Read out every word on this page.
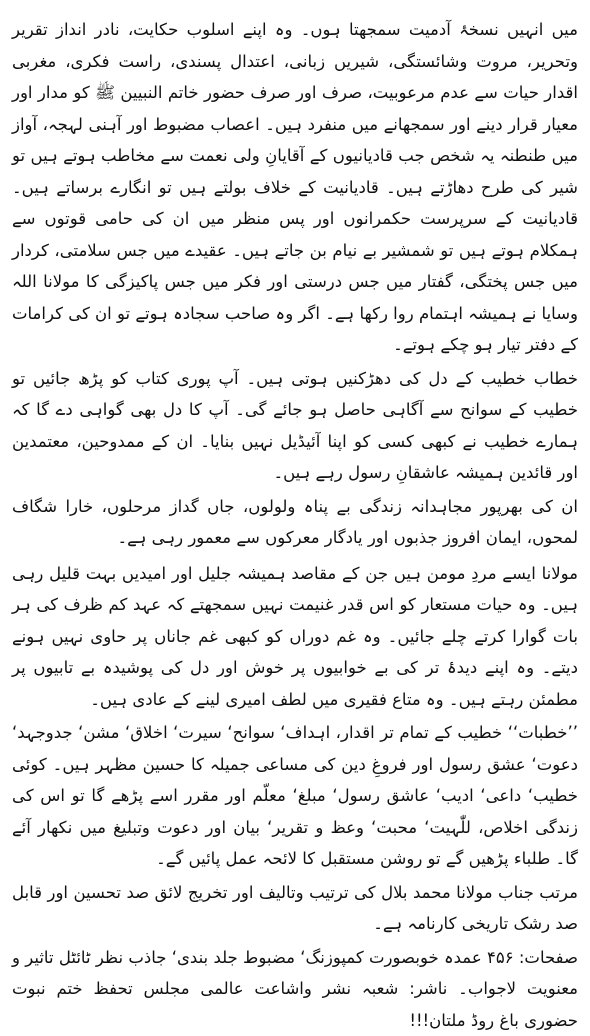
میں انہیں نسخۂ آدمیت سمجھتا ہوں۔ وہ اپنے اسلوب حکایت، نادر انداز تقریر وتحریر، مروت وشائستگی، شیریں زبانی، اعتدال پسندی، راست فکری، مغربی اقدار حیات سے عدم مرعوبیت، صرف اور صرف حضور خاتم النبیین ﷺ کو مدار اور معیار قرار دینے اور سمجھانے میں منفرد ہیں۔ اعصاب مضبوط اور آہنی لہجہ، آواز میں طنطنہ یہ شخص جب قادیانیوں کے آقایانِ ولی نعمت سے مخاطب ہوتے ہیں تو شیر کی طرح دھاڑتے ہیں۔ قادیانیت کے خلاف بولتے ہیں تو انگارے برساتے ہیں۔ قادیانیت کے سرپرست حکمرانوں اور پس منظر میں ان کی حامی قوتوں سے ہمکلام ہوتے ہیں تو شمشیر بے نیام بن جاتے ہیں۔ عقیدے میں جس سلامتی، کردار میں جس پختگی، گفتار میں جس درستی اور فکر میں جس پاکیزگی کا مولانا اللہ وسایا نے ہمیشہ اہتمام روا رکھا ہے۔ اگر وہ صاحب سجادہ ہوتے تو ان کی کرامات کے دفتر تیار ہو چکے ہوتے۔

خطاب خطیب کے دل کی دھڑکنیں ہوتی ہیں۔ آپ پوری کتاب کو پڑھ جائیں تو خطیب کے سوانح سے آگاہی حاصل ہو جائے گی۔ آپ کا دل بھی گواہی دے گا کہ ہمارے خطیب نے کبھی کسی کو اپنا آئیڈیل نہیں بنایا۔ ان کے ممدوحین، معتمدین اور قائدین ہمیشہ عاشقانِ رسول رہے ہیں۔

ان کی بھرپور مجاہدانہ زندگی بے پناہ ولولوں، جاں گداز مرحلوں، خارا شگاف لمحوں، ایمان افروز جذبوں اور یادگار معرکوں سے معمور رہی ہے۔

مولانا ایسے مردِ مومن ہیں جن کے مقاصد ہمیشہ جلیل اور امیدیں بہت قلیل رہی ہیں۔ وہ حیات مستعار کو اس قدر غنیمت نہیں سمجھتے کہ عہد کم ظرف کی ہر بات گوارا کرتے چلے جائیں۔ وہ غم دوراں کو کبھی غم جاناں پر حاوی نہیں ہونے دیتے۔ وہ اپنے دیدۂ تر کی بے خوابیوں پر خوش اور دل کی پوشیدہ بے تابیوں پر مطمئن رہتے ہیں۔ وہ متاع فقیری میں لطف امیری لینے کے عادی ہیں۔

’’خطبات‘‘ خطیب کے تمام تر اقدار، اہداف‘ سوانح‘ سیرت‘ اخلاق‘ مشن‘ جدوجہد‘ دعوت‘ عشق رسول اور فروغِ دین کی مساعی جمیلہ کا حسین مظہر ہیں۔ کوئی خطیب‘ داعی‘ ادیب‘ عاشق رسول‘ مبلغ‘ معلّم اور مقرر اسے پڑھے گا تو اس کی زندگی اخلاص، للّٰہیت‘ محبت‘ وعظ و تقریر‘ بیان اور دعوت وتبلیغ میں نکھار آئے گا۔ طلباء پڑھیں گے تو روشن مستقبل کا لائحہ عمل پائیں گے۔

مرتب جناب مولانا محمد بلال کی ترتیب وتالیف اور تخریج لائق صد تحسین اور قابل صد رشک تاریخی کارنامہ ہے۔

صفحات: ۴۵۶ عمدہ خوبصورت کمپوزنگ‘ مضبوط جلد بندی‘ جاذب نظر ٹائٹل تاثیر و معنویت لاجواب۔ ناشر: شعبہ نشر واشاعت عالمی مجلس تحفظ ختم نبوت حضوری باغ روڈ ملتان!!!
